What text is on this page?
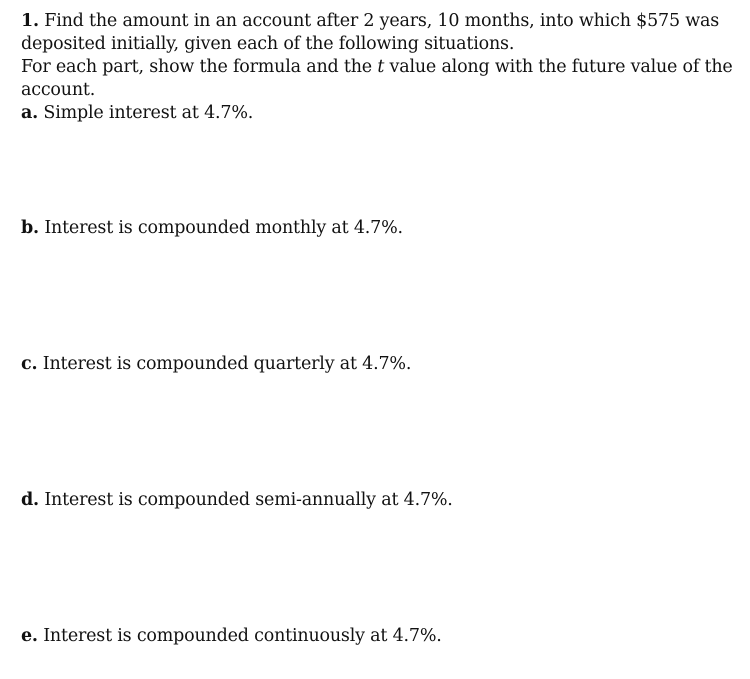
1. Find the amount in an account after 2 years, 10 months, into which $575 was
deposited initially, given each of the following situations.
For each part, show the formula and the t value along with the future value of the
account.
a. Simple interest at 4.7%.
b. Interest is compounded monthly at 4.7%.
c. Interest is compounded quarterly at 4.7%.
d. Interest is compounded semi-annually at 4.7%.
e. Interest is compounded continuously at 4.7%.
